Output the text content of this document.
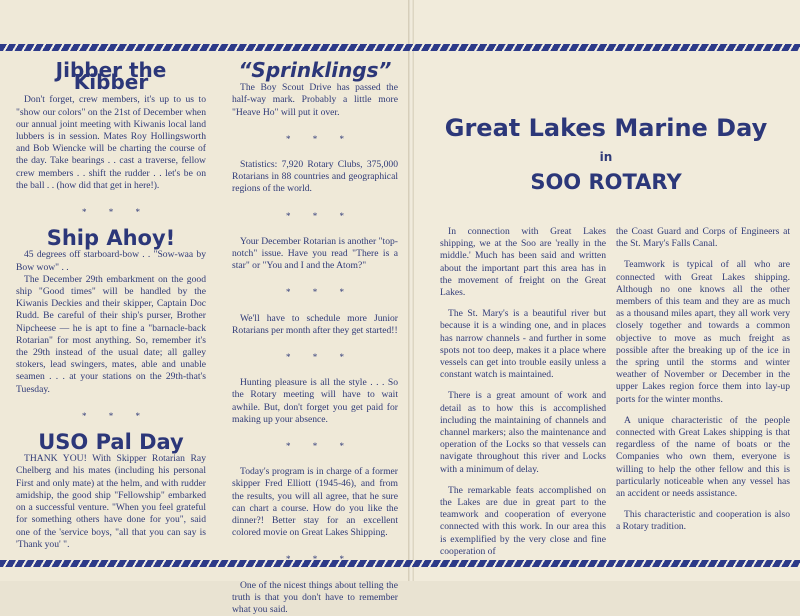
Jibber the Kibber

Don't forget, crew members, it's up to us to "show our colors" on the 21st of December when our annual joint meeting with Kiwanis local land lubbers is in session. Mates Roy Hollingsworth and Bob Wiencke will be charting the course of the day. Take bearings . . cast a traverse, fellow crew members . . shift the rudder . . let's be on the ball . . (how did that get in here!).

* * *
Ship Ahoy!

45 degrees off starboard-bow . . "Sow-waa by Bow wow" . .

The December 29th embarkment on the good ship "Good times" will be handled by the Kiwanis Deckies and their skipper, Captain Doc Rudd. Be careful of their ship's purser, Brother Nipcheese — he is apt to fine a "barnacle-back Rotarian" for most anything. So, remember it's the 29th instead of the usual date; all galley stokers, lead swingers, mates, able and unable seamen . . . at your stations on the 29th-that's Tuesday.

* * *
USO Pal Day

THANK YOU! With Skipper Rotarian Ray Chelberg and his mates (including his personal First and only mate) at the helm, and with rudder amidship, the good ship "Fellowship" embarked on a successful venture. "When you feel grateful for something others have done for you", said one of the 'service boys, "all that you can say is 'Thank you' ".

“Sprinklings”

The Boy Scout Drive has passed the half-way mark. Probably a little more "Heave Ho" will put it over.

* * *

Statistics: 7,920 Rotary Clubs, 375,000 Rotarians in 88 countries and geographical regions of the world.

* * *

Your December Rotarian is another "top-notch" issue. Have you read "There is a star" or "You and I and the Atom?"

* * *

We'll have to schedule more Junior Rotarians per month after they get started!!

* * *

Hunting pleasure is all the style . . . So the Rotary meeting will have to wait awhile. But, don't forget you get paid for making up your absence.

* * *

Today's program is in charge of a former skipper Fred Elliott (1945-46), and from the results, you will all agree, that he sure can chart a course. How do you like the dinner?! Better stay for an excellent colored movie on Great Lakes Shipping.

* * *

One of the nicest things about telling the truth is that you don't have to remember what you said.

Great Lakes Marine Day
in
SOO ROTARY

In connection with Great Lakes shipping, we at the Soo are 'really in the middle.' Much has been said and written about the important part this area has in the movement of freight on the Great Lakes.

The St. Mary's is a beautiful river but because it is a winding one, and in places has narrow channels - and further in some spots not too deep, makes it a place where vessels can get into trouble easily unless a constant watch is maintained.

There is a great amount of work and detail as to how this is accomplished including the maintaining of channels and channel markers; also the maintenance and operation of the Locks so that vessels can navigate throughout this river and Locks with a minimum of delay.

The remarkable feats accomplished on the Lakes are due in great part to the teamwork and cooperation of everyone connected with this work. In our area this is exemplified by the very close and fine cooperation of

the Coast Guard and Corps of Engineers at the St. Mary's Falls Canal.

Teamwork is typical of all who are connected with Great Lakes shipping. Although no one knows all the other members of this team and they are as much as a thousand miles apart, they all work very closely together and towards a common objective to move as much freight as possible after the breaking up of the ice in the spring until the storms and winter weather of November or December in the upper Lakes region force them into lay-up ports for the winter months.

A unique characteristic of the people connected with Great Lakes shipping is that regardless of the name of boats or the Companies who own them, everyone is willing to help the other fellow and this is particularly noticeable when any vessel has an accident or needs assistance.

This characteristic and cooperation is also a Rotary tradition.
